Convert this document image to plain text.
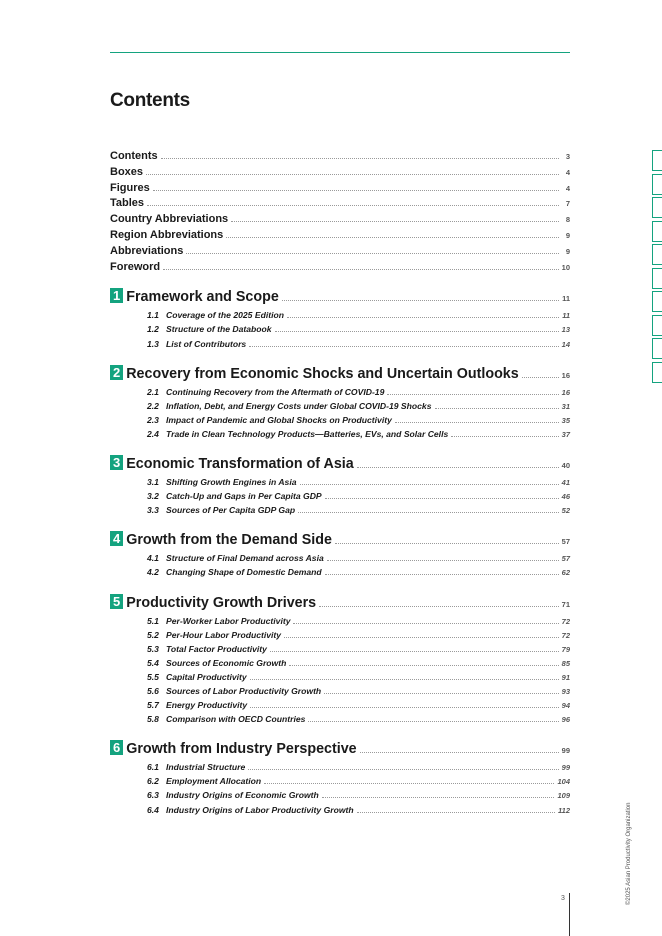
Contents
Contents	3
Boxes	4
Figures	4
Tables	7
Country Abbreviations	8
Region Abbreviations	9
Abbreviations	9
Foreword	10
1 Framework and Scope	11
1.1 Coverage of the 2025 Edition	11
1.2 Structure of the Databook	13
1.3 List of Contributors	14
2 Recovery from Economic Shocks and Uncertain Outlooks	16
2.1 Continuing Recovery from the Aftermath of COVID-19	16
2.2 Inflation, Debt, and Energy Costs under Global COVID-19 Shocks	31
2.3 Impact of Pandemic and Global Shocks on Productivity	35
2.4 Trade in Clean Technology Products—Batteries, EVs, and Solar Cells	37
3 Economic Transformation of Asia	40
3.1 Shifting Growth Engines in Asia	41
3.2 Catch-Up and Gaps in Per Capita GDP	46
3.3 Sources of Per Capita GDP Gap	52
4 Growth from the Demand Side	57
4.1 Structure of Final Demand across Asia	57
4.2 Changing Shape of Domestic Demand	62
5 Productivity Growth Drivers	71
5.1 Per-Worker Labor Productivity	72
5.2 Per-Hour Labor Productivity	72
5.3 Total Factor Productivity	79
5.4 Sources of Economic Growth	85
5.5 Capital Productivity	91
5.6 Sources of Labor Productivity Growth	93
5.7 Energy Productivity	94
5.8 Comparison with OECD Countries	96
6 Growth from Industry Perspective	99
6.1 Industrial Structure	99
6.2 Employment Allocation	104
6.3 Industry Origins of Economic Growth	109
6.4 Industry Origins of Labor Productivity Growth	112	©2025 Asian Productivity Organization
3
